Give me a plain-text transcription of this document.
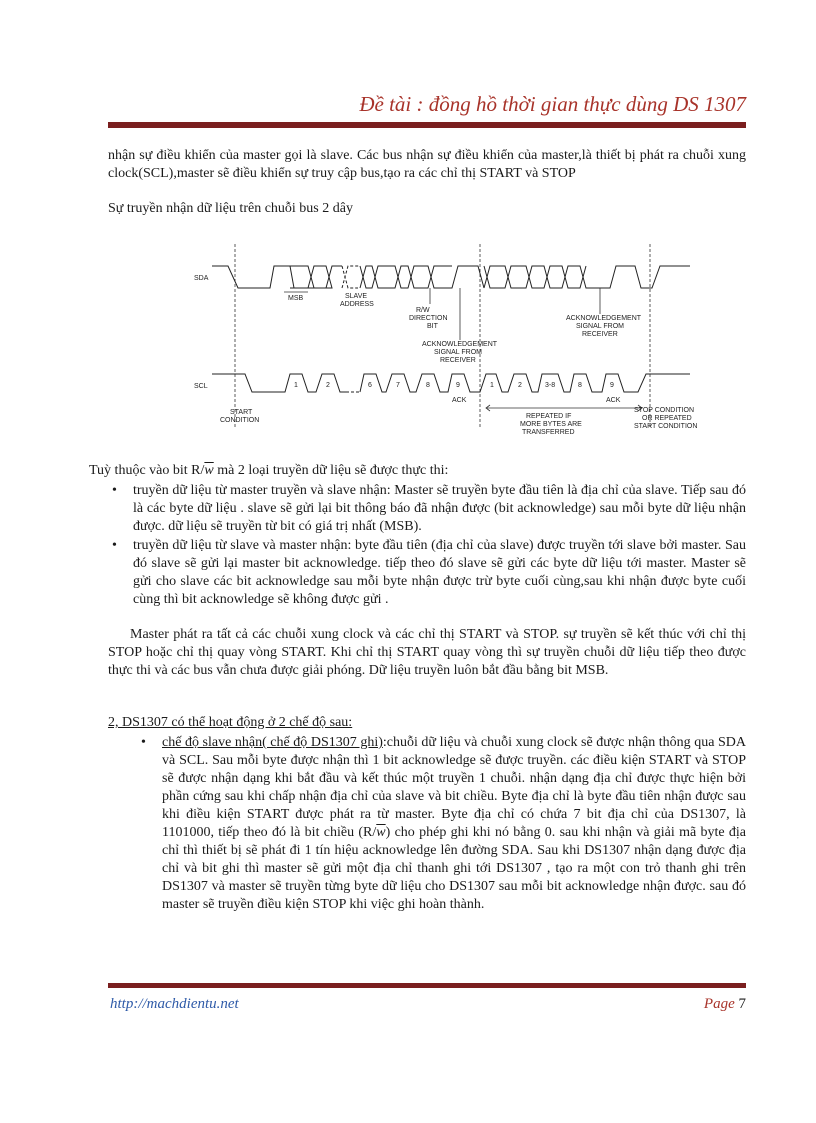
Đề tài : đồng hồ thời gian thực dùng DS 1307
nhận sự điều khiển của master gọi là slave. Các bus nhận sự điều khiển của master,là thiết bị phát ra chuỗi xung clock(SCL),master sẽ điều khiển sự truy cập bus,tạo ra các chỉ thị START và STOP
Sự truyền nhận dữ liệu trên chuỗi bus 2 dây
SDA
MSB	SLAVE
ADDRESS
R/W
DIRECTION
BIT
ACKNOWLEDGEMENT
SIGNAL FROM
RECEIVER
ACKNOWLEDGEMENT
SIGNAL FROM
RECEIVER
SCL	1	2	6	7	8	9	1	2	3-8	8	9
ACK	ACK
START
CONDITION
REPEATED IF
MORE BYTES ARE
TRANSFERRED
STOP CONDITION
OR REPEATED
START CONDITION
Tuỳ thuộc vào bit $R/\overline{w}$ mà 2 loại truyền dữ liệu sẽ được thực thi:
• truyền dữ liệu từ master truyền và slave nhận: Master sẽ truyền byte đầu tiên là địa chỉ của slave. Tiếp sau đó là các byte dữ liệu . slave sẽ gửi lại bit thông báo đã nhận được (bit acknowledge) sau mỗi byte dữ liệu nhận được. dữ liệu sẽ truyền từ bit có giá trị nhất (MSB).
• truyền dữ liệu từ slave và master nhận: byte đầu tiên (địa chỉ của slave) được truyền tới slave bởi master. Sau đó slave sẽ gửi lại master bit acknowledge. tiếp theo đó slave sẽ gửi các byte dữ liệu tới master. Master sẽ gửi cho slave các bit acknowledge sau mỗi byte nhận được trừ byte cuối cùng,sau khi nhận được byte cuối cùng thì bit acknowledge sẽ không được gửi .
Master phát ra tất cả các chuỗi xung clock và các chỉ thị START và STOP. sự truyền sẽ kết thúc với chỉ thị STOP hoặc chỉ thị quay vòng START. Khi chỉ thị START quay vòng thì sự truyền chuỗi dữ liệu tiếp theo được thực thi và các bus vẫn chưa được giải phóng. Dữ liệu truyền luôn bắt đầu bằng bit MSB.
2, DS1307 có thể hoạt động ở 2 chế độ sau:
• chế độ slave nhận( chế độ DS1307 ghi):chuỗi dữ liệu và chuỗi xung clock sẽ được nhận thông qua SDA và SCL. Sau mỗi byte được nhận thì 1 bit acknowledge sẽ được truyền. các điều kiện START và STOP sẽ được nhận dạng khi bắt đầu và kết thúc một truyền 1 chuỗi. nhận dạng địa chỉ được thực hiện bởi phần cứng sau khi chấp nhận địa chỉ của slave và bit chiều. Byte địa chỉ là byte đầu tiên nhận được sau khi điều kiện START được phát ra từ master. Byte địa chỉ có chứa 7 bit địa chỉ của DS1307, là 1101000, tiếp theo đó là bit chiều $(R/\overline{w})$ cho phép ghi khi nó bằng 0. sau khi nhận và giải mã byte địa chỉ thì thiết bị sẽ phát đi 1 tín hiệu acknowledge lên đường SDA. Sau khi DS1307 nhận dạng được địa chỉ và bit ghi thì master sẽ gửi một địa chỉ thanh ghi tới DS1307 , tạo ra một con trỏ thanh ghi trên DS1307 và master sẽ truyền từng byte dữ liệu cho DS1307 sau mỗi bit acknowledge nhận được. sau đó master sẽ truyền điều kiện STOP khi việc ghi hoàn thành.
http://machdientu.net	Page 7
